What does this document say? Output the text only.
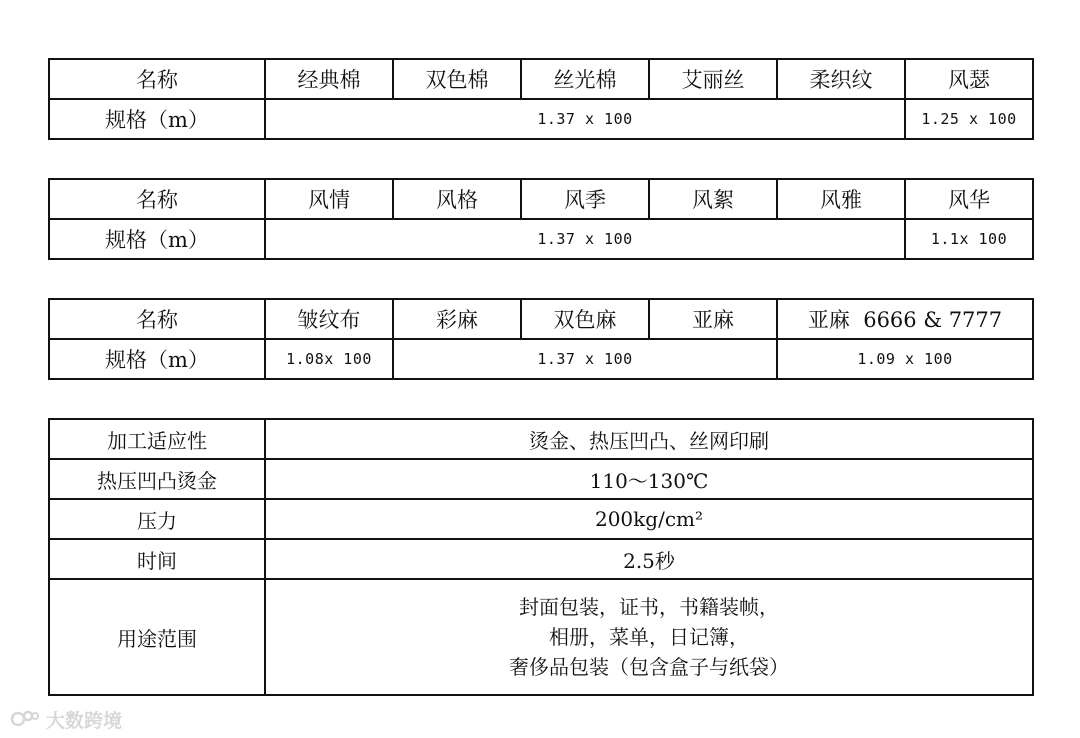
名称	经典棉	双色棉	丝光棉	艾丽丝	柔织纹	风瑟
规格（m）	1.37 x 100					1.25 x 100
名称	风情	风格	风季	风絮	风雅	风华
规格（m）	1.37 x 100					1.1x 100
名称	皱纹布	彩麻	双色麻	亚麻	亚麻  6666 & 7777
规格（m）	1.08x 100	1.37 x 100			1.09 x 100
加工适应性	烫金、热压凹凸、丝网印刷
热压凹凸烫金	110～130℃
压力	200kg/cm²
时间	2.5秒
用途范围	封面包装，证书，书籍装帧，
相册，菜单，日记簿，
奢侈品包装（包含盒子与纸袋）
大数跨境
